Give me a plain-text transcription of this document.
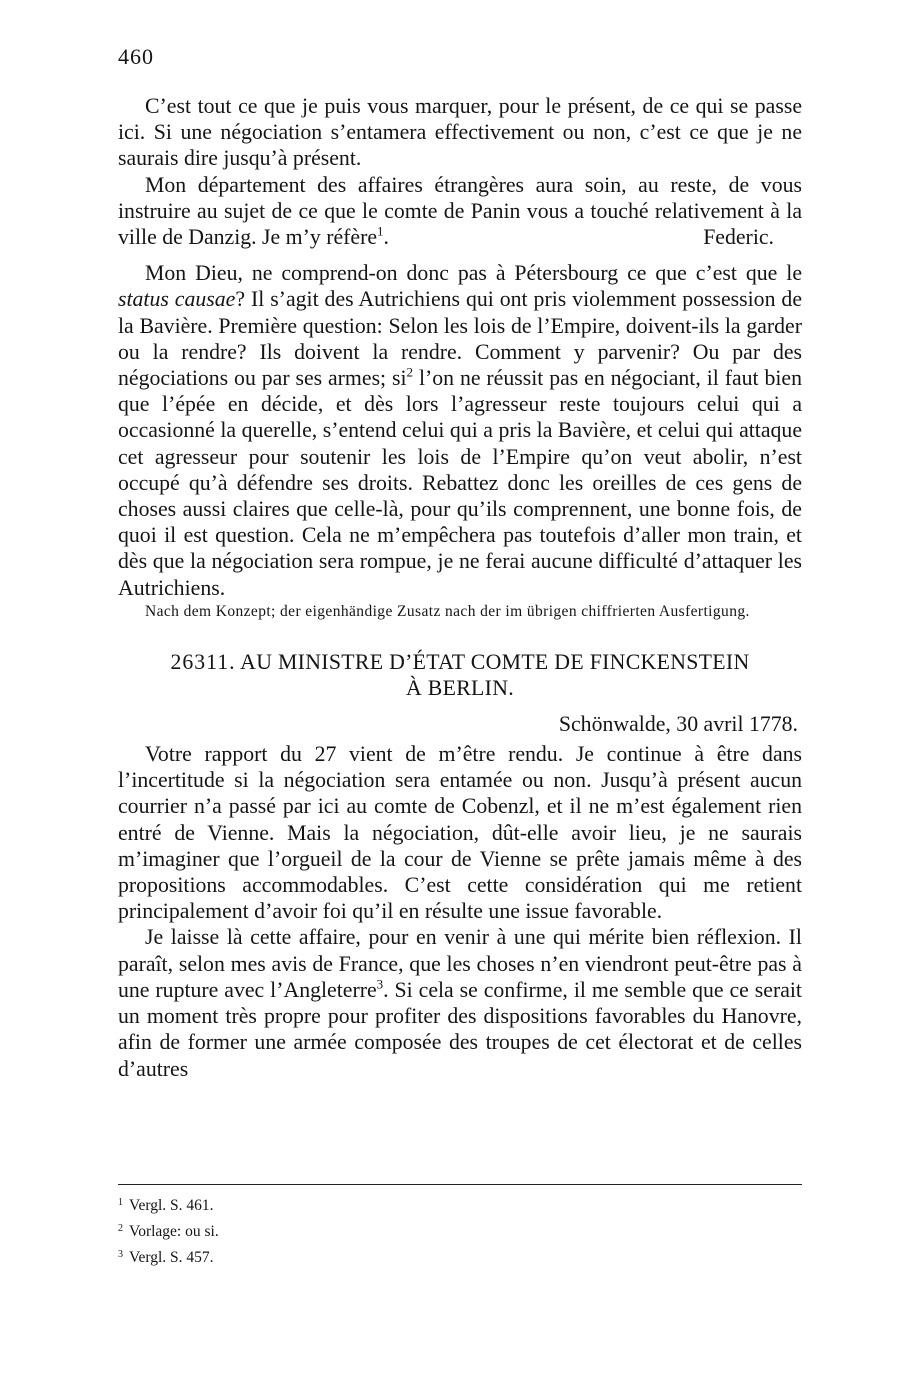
460

C’est tout ce que je puis vous marquer, pour le présent, de ce qui se passe ici. Si une négociation s’entamera effectivement ou non, c’est ce que je ne saurais dire jusqu’à présent.

Mon département des affaires étrangères aura soin, au reste, de vous instruire au sujet de ce que le comte de Panin vous a touché relativement à la ville de Danzig. Je m’y réfère$^1$.	Federic.

Mon Dieu, ne comprend-on donc pas à Pétersbourg ce que c’est que le status causae? Il s’agit des Autrichiens qui ont pris violemment possession de la Bavière. Première question: Selon les lois de l’Empire, doivent-ils la garder ou la rendre? Ils doivent la rendre. Comment y parvenir? Ou par des négociations ou par ses armes; $si^2$ l’on ne réussit pas en négociant, il faut bien que l’épée en décide, et dès lors l’agresseur reste toujours celui qui a occasionné la querelle, s’entend celui qui a pris la Bavière, et celui qui attaque cet agresseur pour soutenir les lois de l’Empire qu’on veut abolir, n’est occupé qu’à défendre ses droits. Rebattez donc les oreilles de ces gens de choses aussi claires que celle-là, pour qu’ils comprennent, une bonne fois, de quoi il est question. Cela ne m’empêchera pas toutefois d’aller mon train, et dès que la négociation sera rompue, je ne ferai aucune difficulté d’attaquer les Autrichiens.

Nach dem Konzept; der eigenhändige Zusatz nach der im übrigen chiffrierten Ausfertigung.

26311. AU MINISTRE D’ÉTAT COMTE DE FINCKENSTEIN
À BERLIN.
Schönwalde, 30 avril 1778.

Votre rapport du 27 vient de m’être rendu. Je continue à être dans l’incertitude si la négociation sera entamée ou non. Jusqu’à présent aucun courrier n’a passé par ici au comte de Cobenzl, et il ne m’est également rien entré de Vienne. Mais la négociation, dût-elle avoir lieu, je ne saurais m’imaginer que l’orgueil de la cour de Vienne se prête jamais même à des propositions accommodables. C’est cette considération qui me retient principalement d’avoir foi qu’il en résulte une issue favorable.

Je laisse là cette affaire, pour en venir à une qui mérite bien réflexion. Il paraît, selon mes avis de France, que les choses n’en viendront peut-être pas à une rupture avec l’Angleterre$^3$. Si cela se confirme, il me semble que ce serait un moment très propre pour profiter des dispositions favorables du Hanovre, afin de former une armée composée des troupes de cet électorat et de celles d’autres

$^1$ Vergl. S. 461.
$^2$ Vorlage: ou si.
$^3$ Vergl. S. 457.
